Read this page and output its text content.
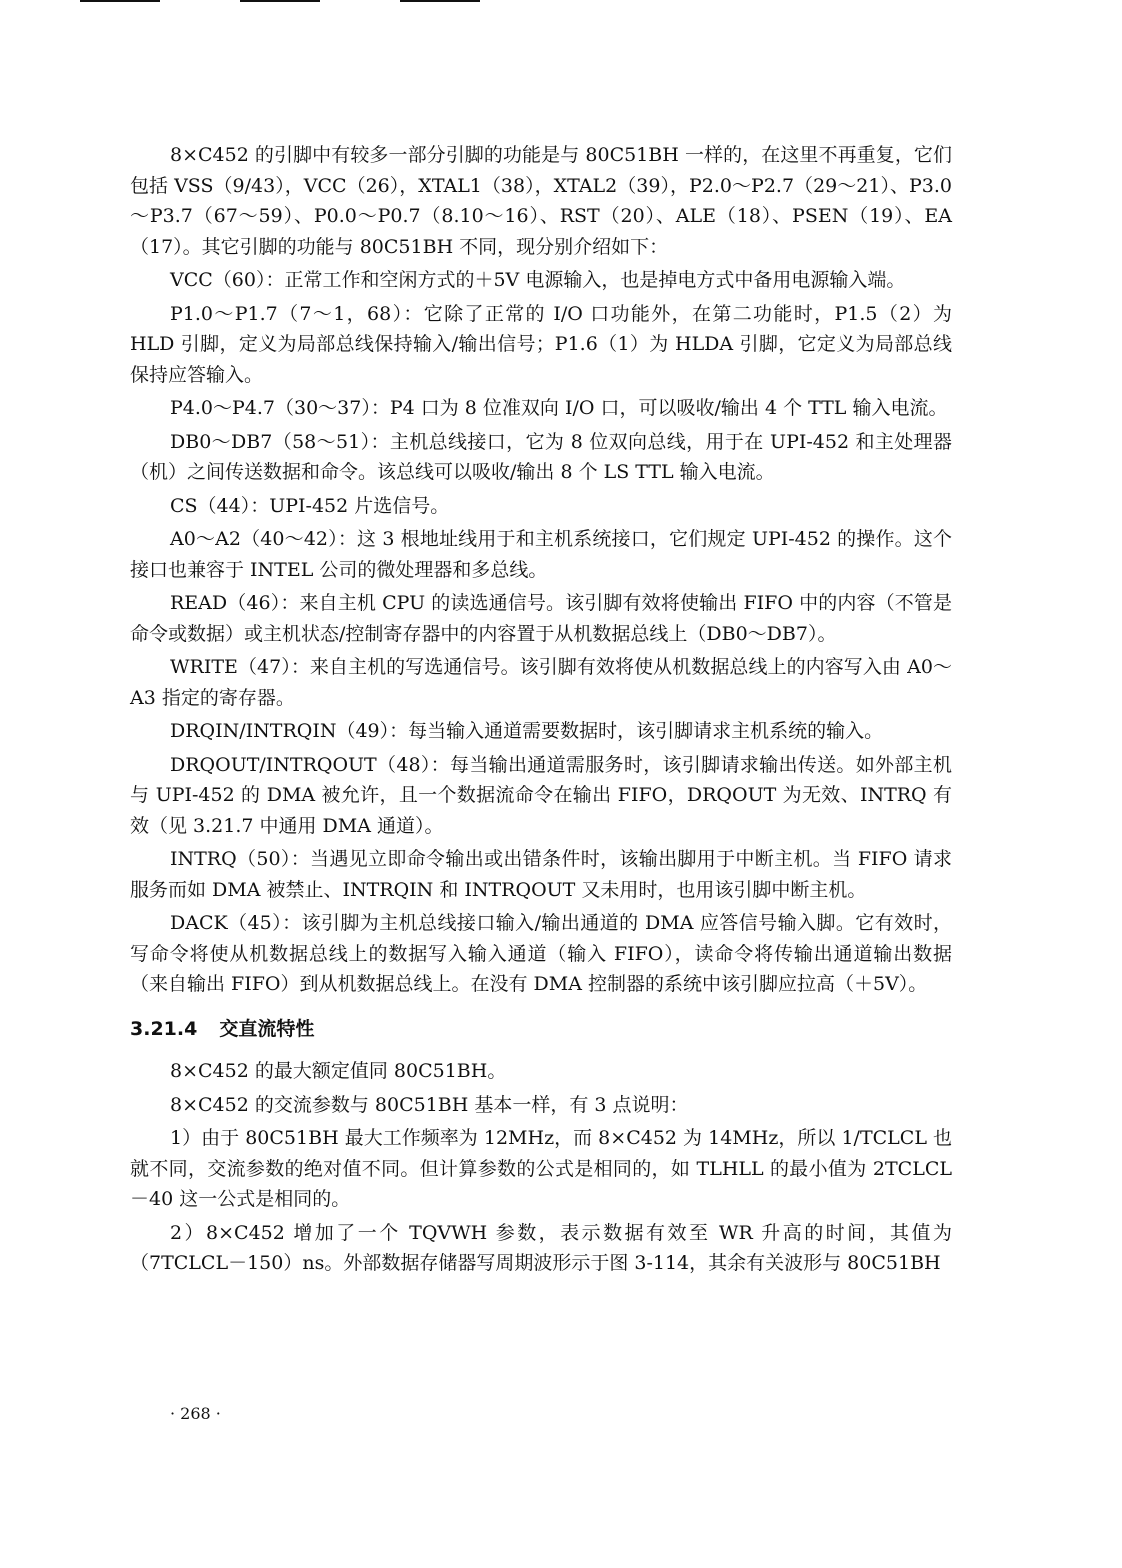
8×C452 的引脚中有较多一部分引脚的功能是与 80C51BH 一样的，在这里不再重复，它们包括 VSS（9/43），VCC（26），XTAL1（38），XTAL2（39），P2.0～P2.7（29～21）、P3.0～P3.7（67～59）、P0.0～P0.7（8.10～16）、RST（20）、ALE（18）、PSEN（19）、EA（17）。其它引脚的功能与 80C51BH 不同，现分别介绍如下：

VCC（60）：正常工作和空闲方式的＋5V 电源输入，也是掉电方式中备用电源输入端。

P1.0～P1.7（7～1，68）：它除了正常的 I/O 口功能外，在第二功能时，P1.5（2）为 HLD 引脚，定义为局部总线保持输入/输出信号；P1.6（1）为 HLDA 引脚，它定义为局部总线保持应答输入。

P4.0～P4.7（30～37）：P4 口为 8 位准双向 I/O 口，可以吸收/输出 4 个 TTL 输入电流。

DB0～DB7（58～51）：主机总线接口，它为 8 位双向总线，用于在 UPI-452 和主处理器（机）之间传送数据和命令。该总线可以吸收/输出 8 个 LS TTL 输入电流。

CS（44）：UPI-452 片选信号。

A0～A2（40～42）：这 3 根地址线用于和主机系统接口，它们规定 UPI-452 的操作。这个接口也兼容于 INTEL 公司的微处理器和多总线。

READ（46）：来自主机 CPU 的读选通信号。该引脚有效将使输出 FIFO 中的内容（不管是命令或数据）或主机状态/控制寄存器中的内容置于从机数据总线上（DB0～DB7）。

WRITE（47）：来自主机的写选通信号。该引脚有效将使从机数据总线上的内容写入由 A0～A3 指定的寄存器。

DRQIN/INTRQIN（49）：每当输入通道需要数据时，该引脚请求主机系统的输入。

DRQOUT/INTRQOUT（48）：每当输出通道需服务时，该引脚请求输出传送。如外部主机与 UPI-452 的 DMA 被允许，且一个数据流命令在输出 FIFO，DRQOUT 为无效、INTRQ 有效（见 3.21.7 中通用 DMA 通道）。

INTRQ（50）：当遇见立即命令输出或出错条件时，该输出脚用于中断主机。当 FIFO 请求服务而如 DMA 被禁止、INTRQIN 和 INTRQOUT 又未用时，也用该引脚中断主机。

DACK（45）：该引脚为主机总线接口输入/输出通道的 DMA 应答信号输入脚。它有效时，写命令将使从机数据总线上的数据写入输入通道（输入 FIFO），读命令将传输出通道输出数据（来自输出 FIFO）到从机数据总线上。在没有 DMA 控制器的系统中该引脚应拉高（＋5V）。

3.21.4 交直流特性

8×C452 的最大额定值同 80C51BH。

8×C452 的交流参数与 80C51BH 基本一样，有 3 点说明：

1）由于 80C51BH 最大工作频率为 12MHz，而 8×C452 为 14MHz，所以 1/TCLCL 也就不同，交流参数的绝对值不同。但计算参数的公式是相同的，如 TLHLL 的最小值为 2TCLCL－40 这一公式是相同的。

2）8×C452 增加了一个 TQVWH 参数，表示数据有效至 WR 升高的时间，其值为（7TCLCL－150）ns。外部数据存储器写周期波形示于图 3-114，其余有关波形与 80C51BH

· 268 ·
